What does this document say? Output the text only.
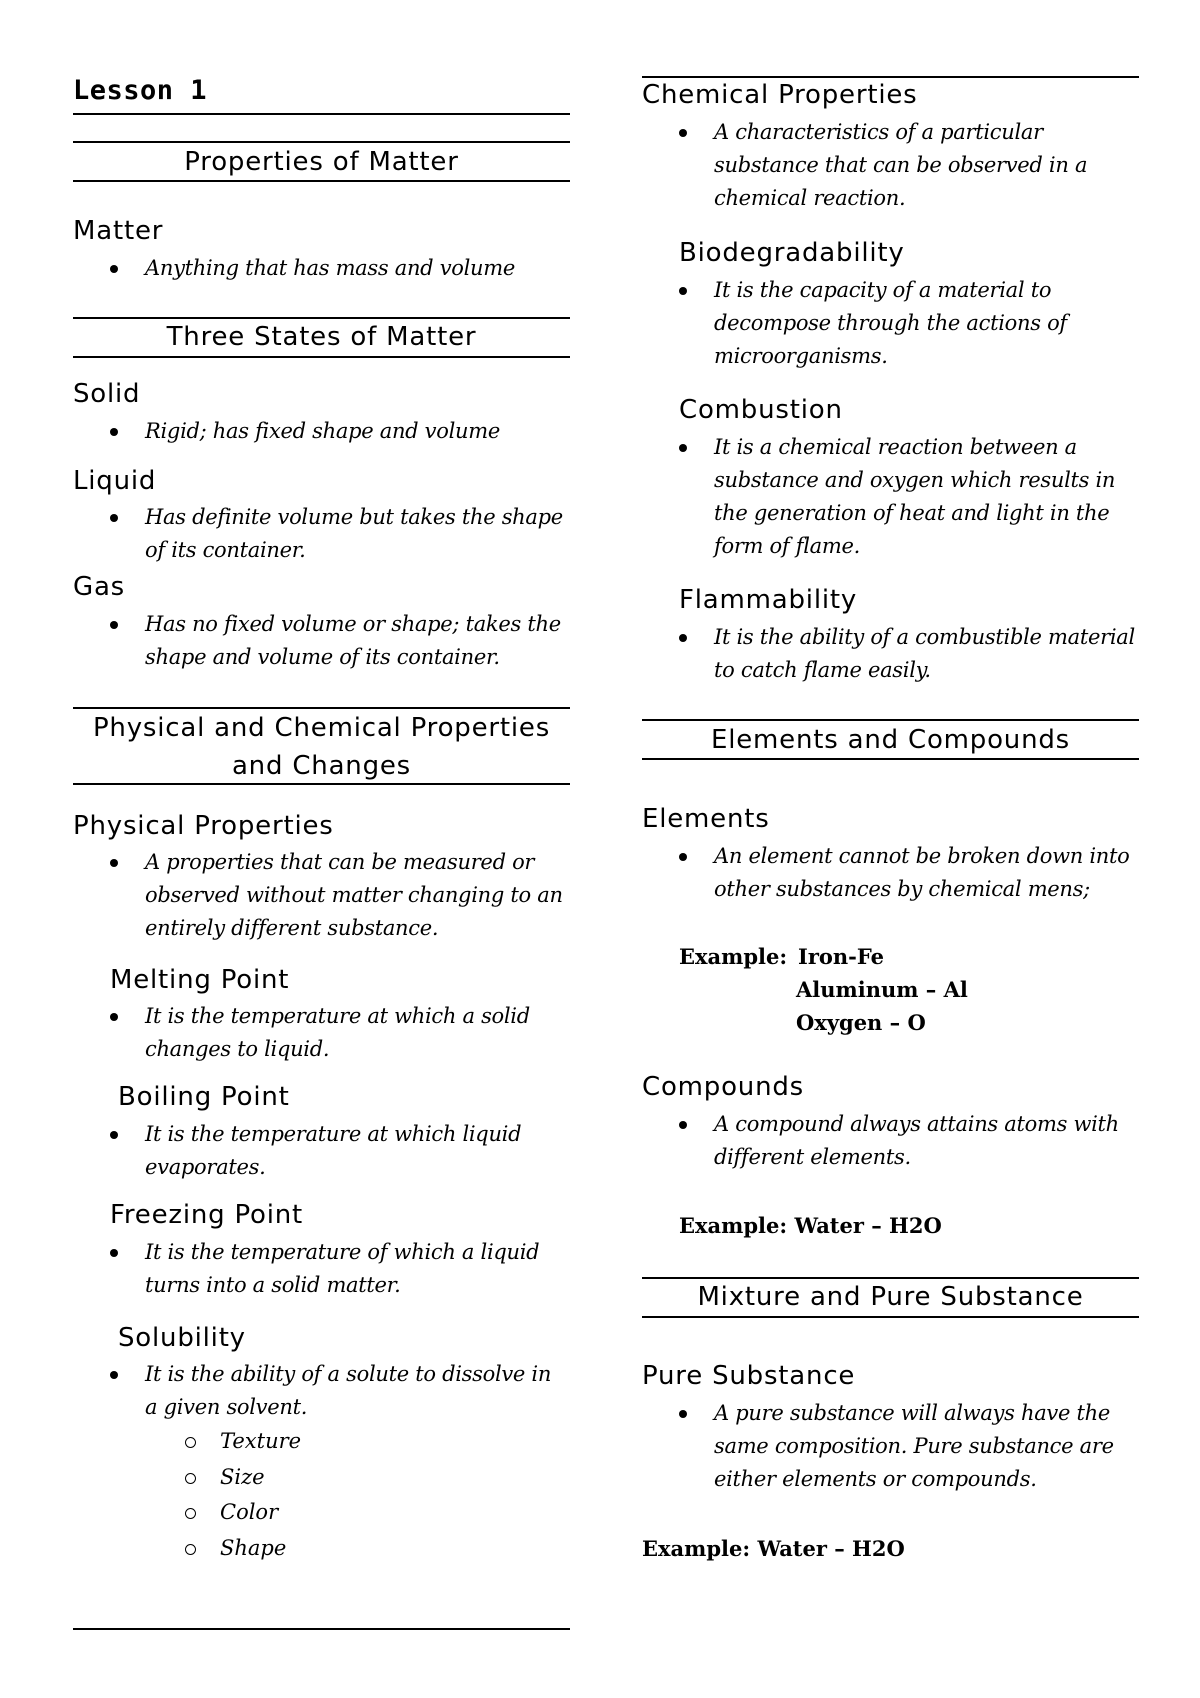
Lesson 1
Properties of Matter
Matter
Anything that has mass and volume
Three States of Matter
Solid
Rigid; has fixed shape and volume
Liquid
Has definite volume but takes the shape of its container.
Gas
Has no fixed volume or shape; takes the shape and volume of its container.
Physical and Chemical Properties
and Changes
Physical Properties
A properties that can be measured or observed without matter changing to an entirely different substance.
Melting Point
It is the temperature at which a solid changes to liquid.
Boiling Point
It is the temperature at which liquid evaporates.
Freezing Point
It is the temperature of which a liquid turns into a solid matter.
Solubility
It is the ability of a solute to dissolve in a given solvent.
Texture
Size
Color
Shape
Chemical Properties
A characteristics of a particular substance that can be observed in a chemical reaction.
Biodegradability
It is the capacity of a material to decompose through the actions of microorganisms.
Combustion
It is a chemical reaction between a substance and oxygen which results in the generation of heat and light in the form of flame.
Flammability
It is the ability of a combustible material to catch flame easily.
Elements and Compounds
Elements
An element cannot be broken down into other substances by chemical mens;
Example: Iron-Fe
Aluminum – Al
Oxygen – O
Compounds
A compound always attains atoms with different elements.
Example: Water – H2O
Mixture and Pure Substance
Pure Substance
A pure substance will always have the same composition. Pure substance are either elements or compounds.
Example: Water – H2O
